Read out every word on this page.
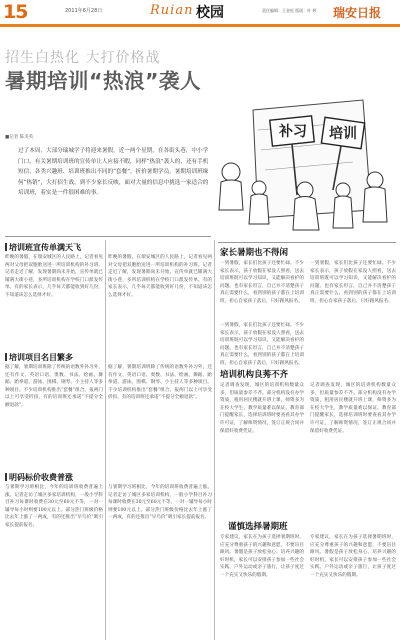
15	2011年6月28日	Ruian 校园	责任编辑：王金松 版面：叶 婷 瑞安日报
招生白热化 大打价格战
暑期培训“热浪”袭人
■记者 陈炎英
过了本周，大部分瑞城学子将迎来暑假，近一两个星期，在各街头巷，中小学门口，有关暑期培训班的宣传单让人应接不暇，同样“热浪”袭人的，还有手机短信，各类兴趣班、培训班推出不同的“套餐”，折价暑期学员。暑期培训班缘何“热销”，大打招生战，到不少家长反映，面对大量的信息中挑选一家适合的培训班，着实是一件很困难的事。
补习 培训
培训班宣传单满天飞
昨晚的暑假，在瑞安城区的人民路上，记者看见两对父母把双胞胎送进一所培训机构的补习班。记者走近了解，发现暑期尚未开始，宣传单就已铺满大街小巷，多所培训机构在学校门口派发传单。有的家长表示，几乎每天都能收到好几份，不知道该怎么选择才好。
昨晚的暑假，在瑞安城区的人民路上，记者看见两对父母把双胞胎送进一所培训机构的补习班。记者走近了解，发现暑期尚未开始，宣传单就已铺满大街小巷，多所培训机构在学校门口派发传单。有的家长表示，几乎每天都能收到好几份，不知道该怎么选择才好。
培训项目名目繁多
据了解，暑期培训班除了传统的语数外补习外，还有作文、英语口语、奥数、书法、绘画、舞蹈、跆拳道、游泳、围棋、钢琴、小主持人等多种项目。不少培训机构推出“套餐”组合，报两门以上可享受折扣，有的培训班还承诺“不提分全额退款”。
据了解，暑期培训班除了传统的语数外补习外，还有作文、英语口语、奥数、书法、绘画、舞蹈、跆拳道、游泳、围棋、钢琴、小主持人等多种项目。不少培训机构推出“套餐”组合，报两门以上可享受折扣，有的培训班还承诺“不提分全额退款”。
明码标价收费普涨
与暑期学习班相比，今年的培训班收费普遍上涨。记者走访了城区多家培训机构，一般小学科目补习每课时收费在30元至60元不等，一对一辅导每小时则要100元以上。部分热门班级价格比去年上涨了一两成，有的还推出“早鸟价”吸引家长提前报名。
与暑期学习班相比，今年的培训班收费普遍上涨。记者走访了城区多家培训机构，一般小学科目补习每课时收费在30元至60元不等，一对一辅导每小时则要100元以上。部分热门班级价格比去年上涨了一两成，有的还推出“早鸟价”吸引家长提前报名。
家长暑期也不得闲
一到暑假，家长们比孩子还要忙碌。不少家长表示，孩子放假在家没人照看，送去培训班既可以学习知识，又能解决看护的问题。也有家长坦言，自己并不清楚孩子真正需要什么，看到别的孩子都在上培训班，担心自家孩子落后，只好跟风报名。
一到暑假，家长们比孩子还要忙碌。不少家长表示，孩子放假在家没人照看，送去培训班既可以学习知识，又能解决看护的问题。也有家长坦言，自己并不清楚孩子真正需要什么，看到别的孩子都在上培训班，担心自家孩子落后，只好跟风报名。
一到暑假，家长们比孩子还要忙碌。不少家长表示，孩子放假在家没人照看，送去培训班既可以学习知识，又能解决看护的问题。也有家长坦言，自己并不清楚孩子真正需要什么，看到别的孩子都在上培训班，担心自家孩子落后，只好跟风报名。
培训机构良莠不齐
记者调查发现，城区的培训机构数量众多，但质量参差不齐。部分机构没有办学资质，租用居民楼就开班上课，师资多为在校大学生，教学质量难以保证。教育部门提醒家长，选择培训班时要查看其办学许可证，了解师资情况，签订正规合同并保留好收费凭证。
记者调查发现，城区的培训机构数量众多，但质量参差不齐。部分机构没有办学资质，租用居民楼就开班上课，师资多为在校大学生，教学质量难以保证。教育部门提醒家长，选择培训班时要查看其办学许可证，了解师资情况，签订正规合同并保留好收费凭证。
谨慎选择暑期班
专家建议，家长在为孩子选择暑期班时，应充分尊重孩子的兴趣和意愿，不要盲目跟风。暑假是孩子放松身心、培养兴趣的好时机，家长可以安排孩子参加一些社会实践、户外运动或亲子旅行，让孩子度过一个充实又快乐的假期。
专家建议，家长在为孩子选择暑期班时，应充分尊重孩子的兴趣和意愿，不要盲目跟风。暑假是孩子放松身心、培养兴趣的好时机，家长可以安排孩子参加一些社会实践、户外运动或亲子旅行，让孩子度过一个充实又快乐的假期。
